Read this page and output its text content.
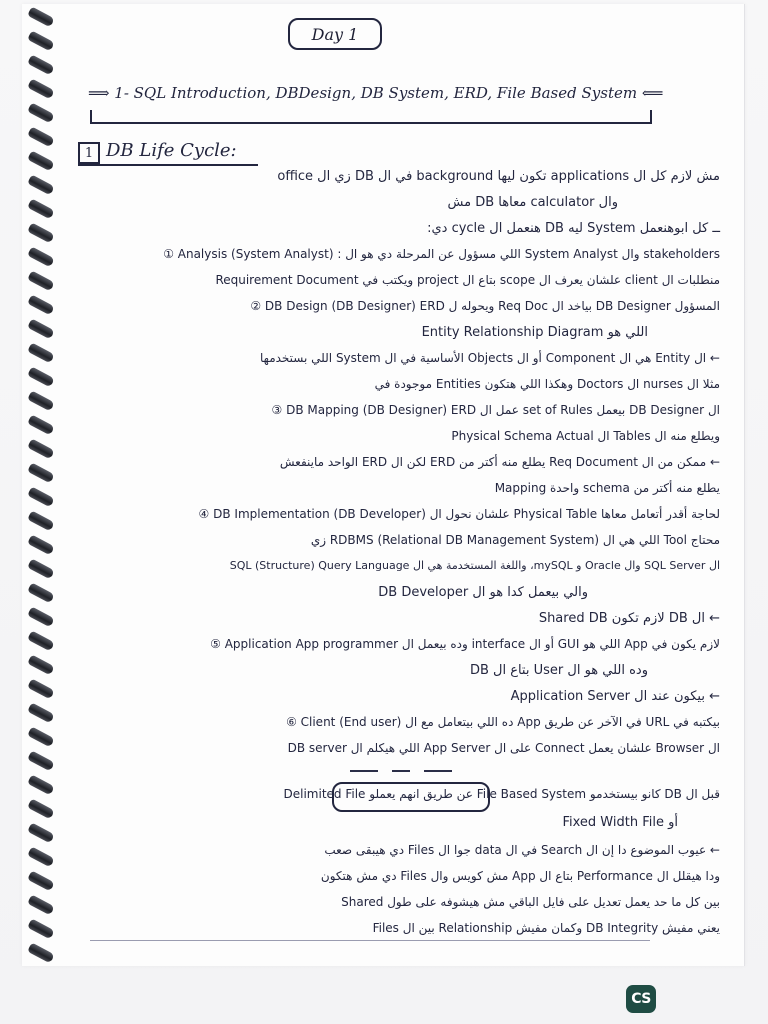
Day 1
⟹ 1- SQL Introduction, DBDesign, DB System, ERD, File Based System ⟸
1 DB Life Cycle:
مش لازم كل ال applications تكون ليها background في ال DB زي ال office
وال calculator معاها DB مش
ــ كل ابوهنعمل System ليه DB هنعمل ال cycle دي:
① Analysis (System Analyst) : اللي مسؤول عن المرحلة دي هو ال System Analyst وال stakeholders
منطلبات ال client علشان يعرف ال scope بتاع ال project ويكتب في Requirement Document
② DB Design (DB Designer) ERD ويحوله ل Req Doc بياخد ال DB Designer المسؤول
اللي هو Entity Relationship Diagram
← ال Entity هي ال Component أو ال Objects الأساسية في ال System اللي بستخدمها
مثلا ال nurses ال Doctors وهكذا اللي هتكون Entities موجودة في
③ DB Mapping (DB Designer) ERD عمل ال set of Rules بيعمل DB Designer ال
ويطلع منه ال Tables ال Physical Schema Actual
← ممكن من ال Req Document يطلع منه أكتر من ERD لكن ال ERD الواحد ماينفعش
يطلع منه أكتر من schema واحدة Mapping
④ DB Implementation (DB Developer) علشان نحول ال Physical Table لحاجة أقدر أتعامل معاها
محتاج Tool اللي هي ال RDBMS (Relational DB Management System) زي
ال SQL Server وال Oracle و mySQL، واللغة المستخدمة هي ال SQL (Structure) Query Language
والي بيعمل كدا هو ال DB Developer
← ال DB لازم تكون Shared DB
⑤ Application App programmer وده بيعمل ال interface أو ال GUI اللي هو App لازم يكون في
وده اللي هو ال User بتاع ال DB
← بيكون عند ال Application Server
⑥ Client (End user) ده اللي بيتعامل مع ال App في الآخر عن طريق URL بيكتبه في
ال Browser علشان يعمل Connect على ال App Server اللي هيكلم ال DB server
قبل ال DB كانو بيستخدمو File Based System عن طريق انهم يعملو Delimited File
أو Fixed Width File
← عيوب الموضوع دا إن ال Search في ال data جوا ال Files دي هيبقى صعب
ودا هيقلل ال Performance بتاع ال App مش كويس وال Files دي مش هتكون
Shared بين كل ما حد يعمل تعديل على فايل الباقي مش هيشوفه على طول
يعني مفيش DB Integrity وكمان مفيش Relationship بين ال Files
CS
